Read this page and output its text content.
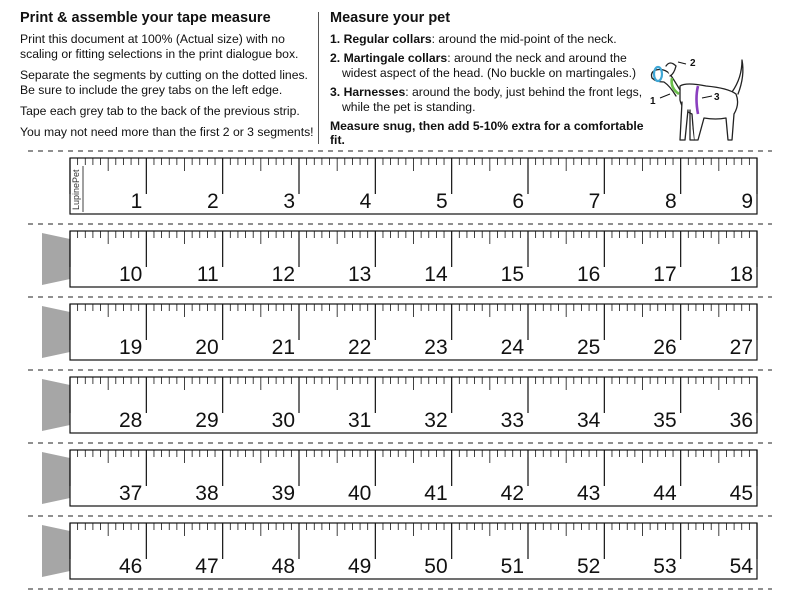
Print & assemble your tape measure

Print this document at 100% (Actual size) with no scaling or fitting selections in the print dialogue box.

Separate the segments by cutting on the dotted lines. Be sure to include the grey tabs on the left edge.

Tape each grey tab to the back of the previous strip.

You may not need more than the first 2 or 3 segments!

Measure your pet
1. Regular collars: around the mid-point of the neck.
2. Martingale collars: around the neck and around the widest aspect of the head. (No buckle on martingales.)
3. Harnesses: around the body, just behind the front legs, while the pet is standing.
Measure snug, then add 5-10% extra for a comfortable fit.
2
3
1
1	2	3	4	5	6	7	8	9
LupinePet
10	11	12	13	14	15	16	17	18
19	20	21	22	23	24	25	26	27
28	29	30	31	32	33	34	35	36
37	38	39	40	41	42	43	44	45
46	47	48	49	50	51	52	53	54
